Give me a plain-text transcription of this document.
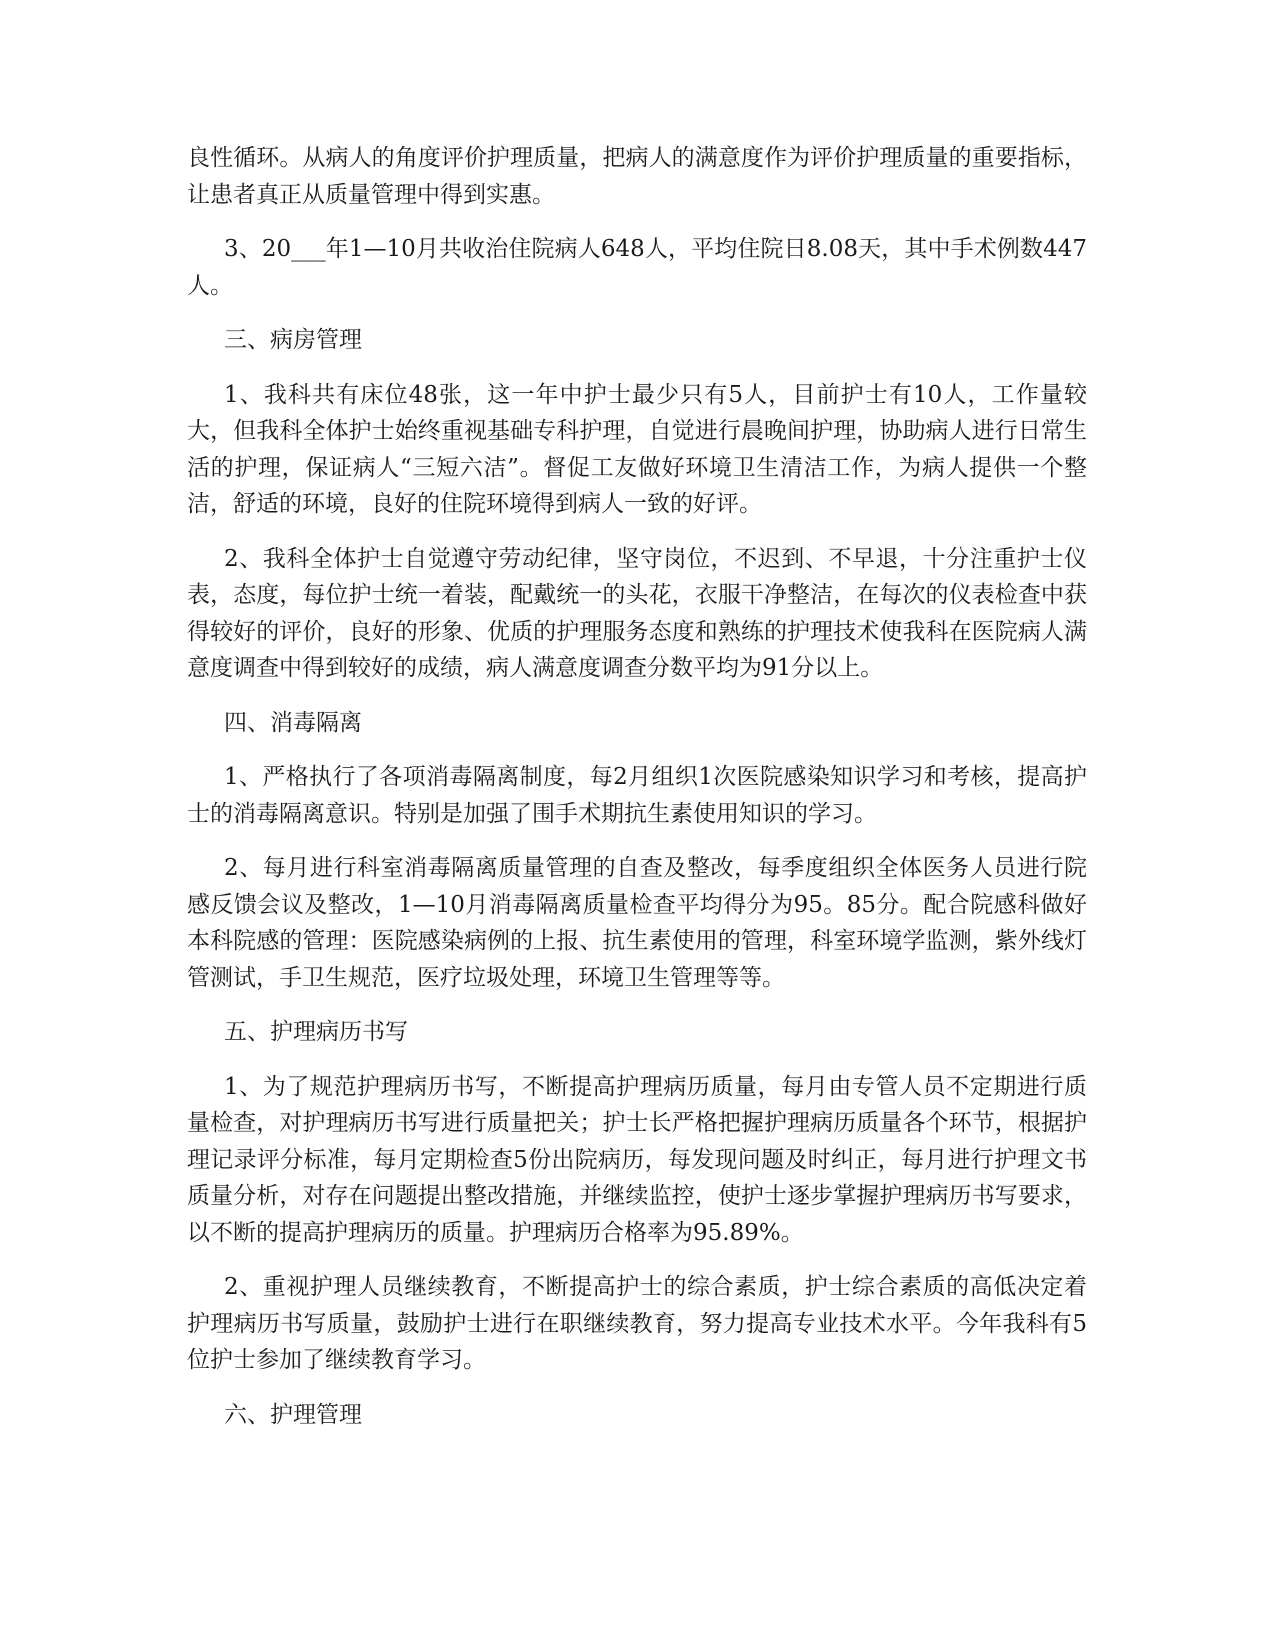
良性循环。从病人的角度评价护理质量，把病人的满意度作为评价护理质量的重要指标，让患者真正从质量管理中得到实惠。

3、20___年1—10月共收治住院病人648人，平均住院日8.08天，其中手术例数447人。

三、病房管理

1、我科共有床位48张，这一年中护士最少只有5人，目前护士有10人，工作量较大，但我科全体护士始终重视基础专科护理，自觉进行晨晚间护理，协助病人进行日常生活的护理，保证病人“三短六洁”。督促工友做好环境卫生清洁工作，为病人提供一个整洁，舒适的环境，良好的住院环境得到病人一致的好评。

2、我科全体护士自觉遵守劳动纪律，坚守岗位，不迟到、不早退，十分注重护士仪表，态度，每位护士统一着装，配戴统一的头花，衣服干净整洁，在每次的仪表检查中获得较好的评价，良好的形象、优质的护理服务态度和熟练的护理技术使我科在医院病人满意度调查中得到较好的成绩，病人满意度调查分数平均为91分以上。

四、消毒隔离

1、严格执行了各项消毒隔离制度，每2月组织1次医院感染知识学习和考核，提高护士的消毒隔离意识。特别是加强了围手术期抗生素使用知识的学习。

2、每月进行科室消毒隔离质量管理的自查及整改，每季度组织全体医务人员进行院感反馈会议及整改，1—10月消毒隔离质量检查平均得分为95。85分。配合院感科做好本科院感的管理：医院感染病例的上报、抗生素使用的管理，科室环境学监测，紫外线灯管测试，手卫生规范，医疗垃圾处理，环境卫生管理等等。

五、护理病历书写

1、为了规范护理病历书写，不断提高护理病历质量，每月由专管人员不定期进行质量检查，对护理病历书写进行质量把关；护士长严格把握护理病历质量各个环节，根据护理记录评分标准，每月定期检查5份出院病历，每发现问题及时纠正，每月进行护理文书质量分析，对存在问题提出整改措施，并继续监控，使护士逐步掌握护理病历书写要求，以不断的提高护理病历的质量。护理病历合格率为95.89%。

2、重视护理人员继续教育，不断提高护士的综合素质，护士综合素质的高低决定着护理病历书写质量，鼓励护士进行在职继续教育，努力提高专业技术水平。今年我科有5位护士参加了继续教育学习。

六、护理管理
